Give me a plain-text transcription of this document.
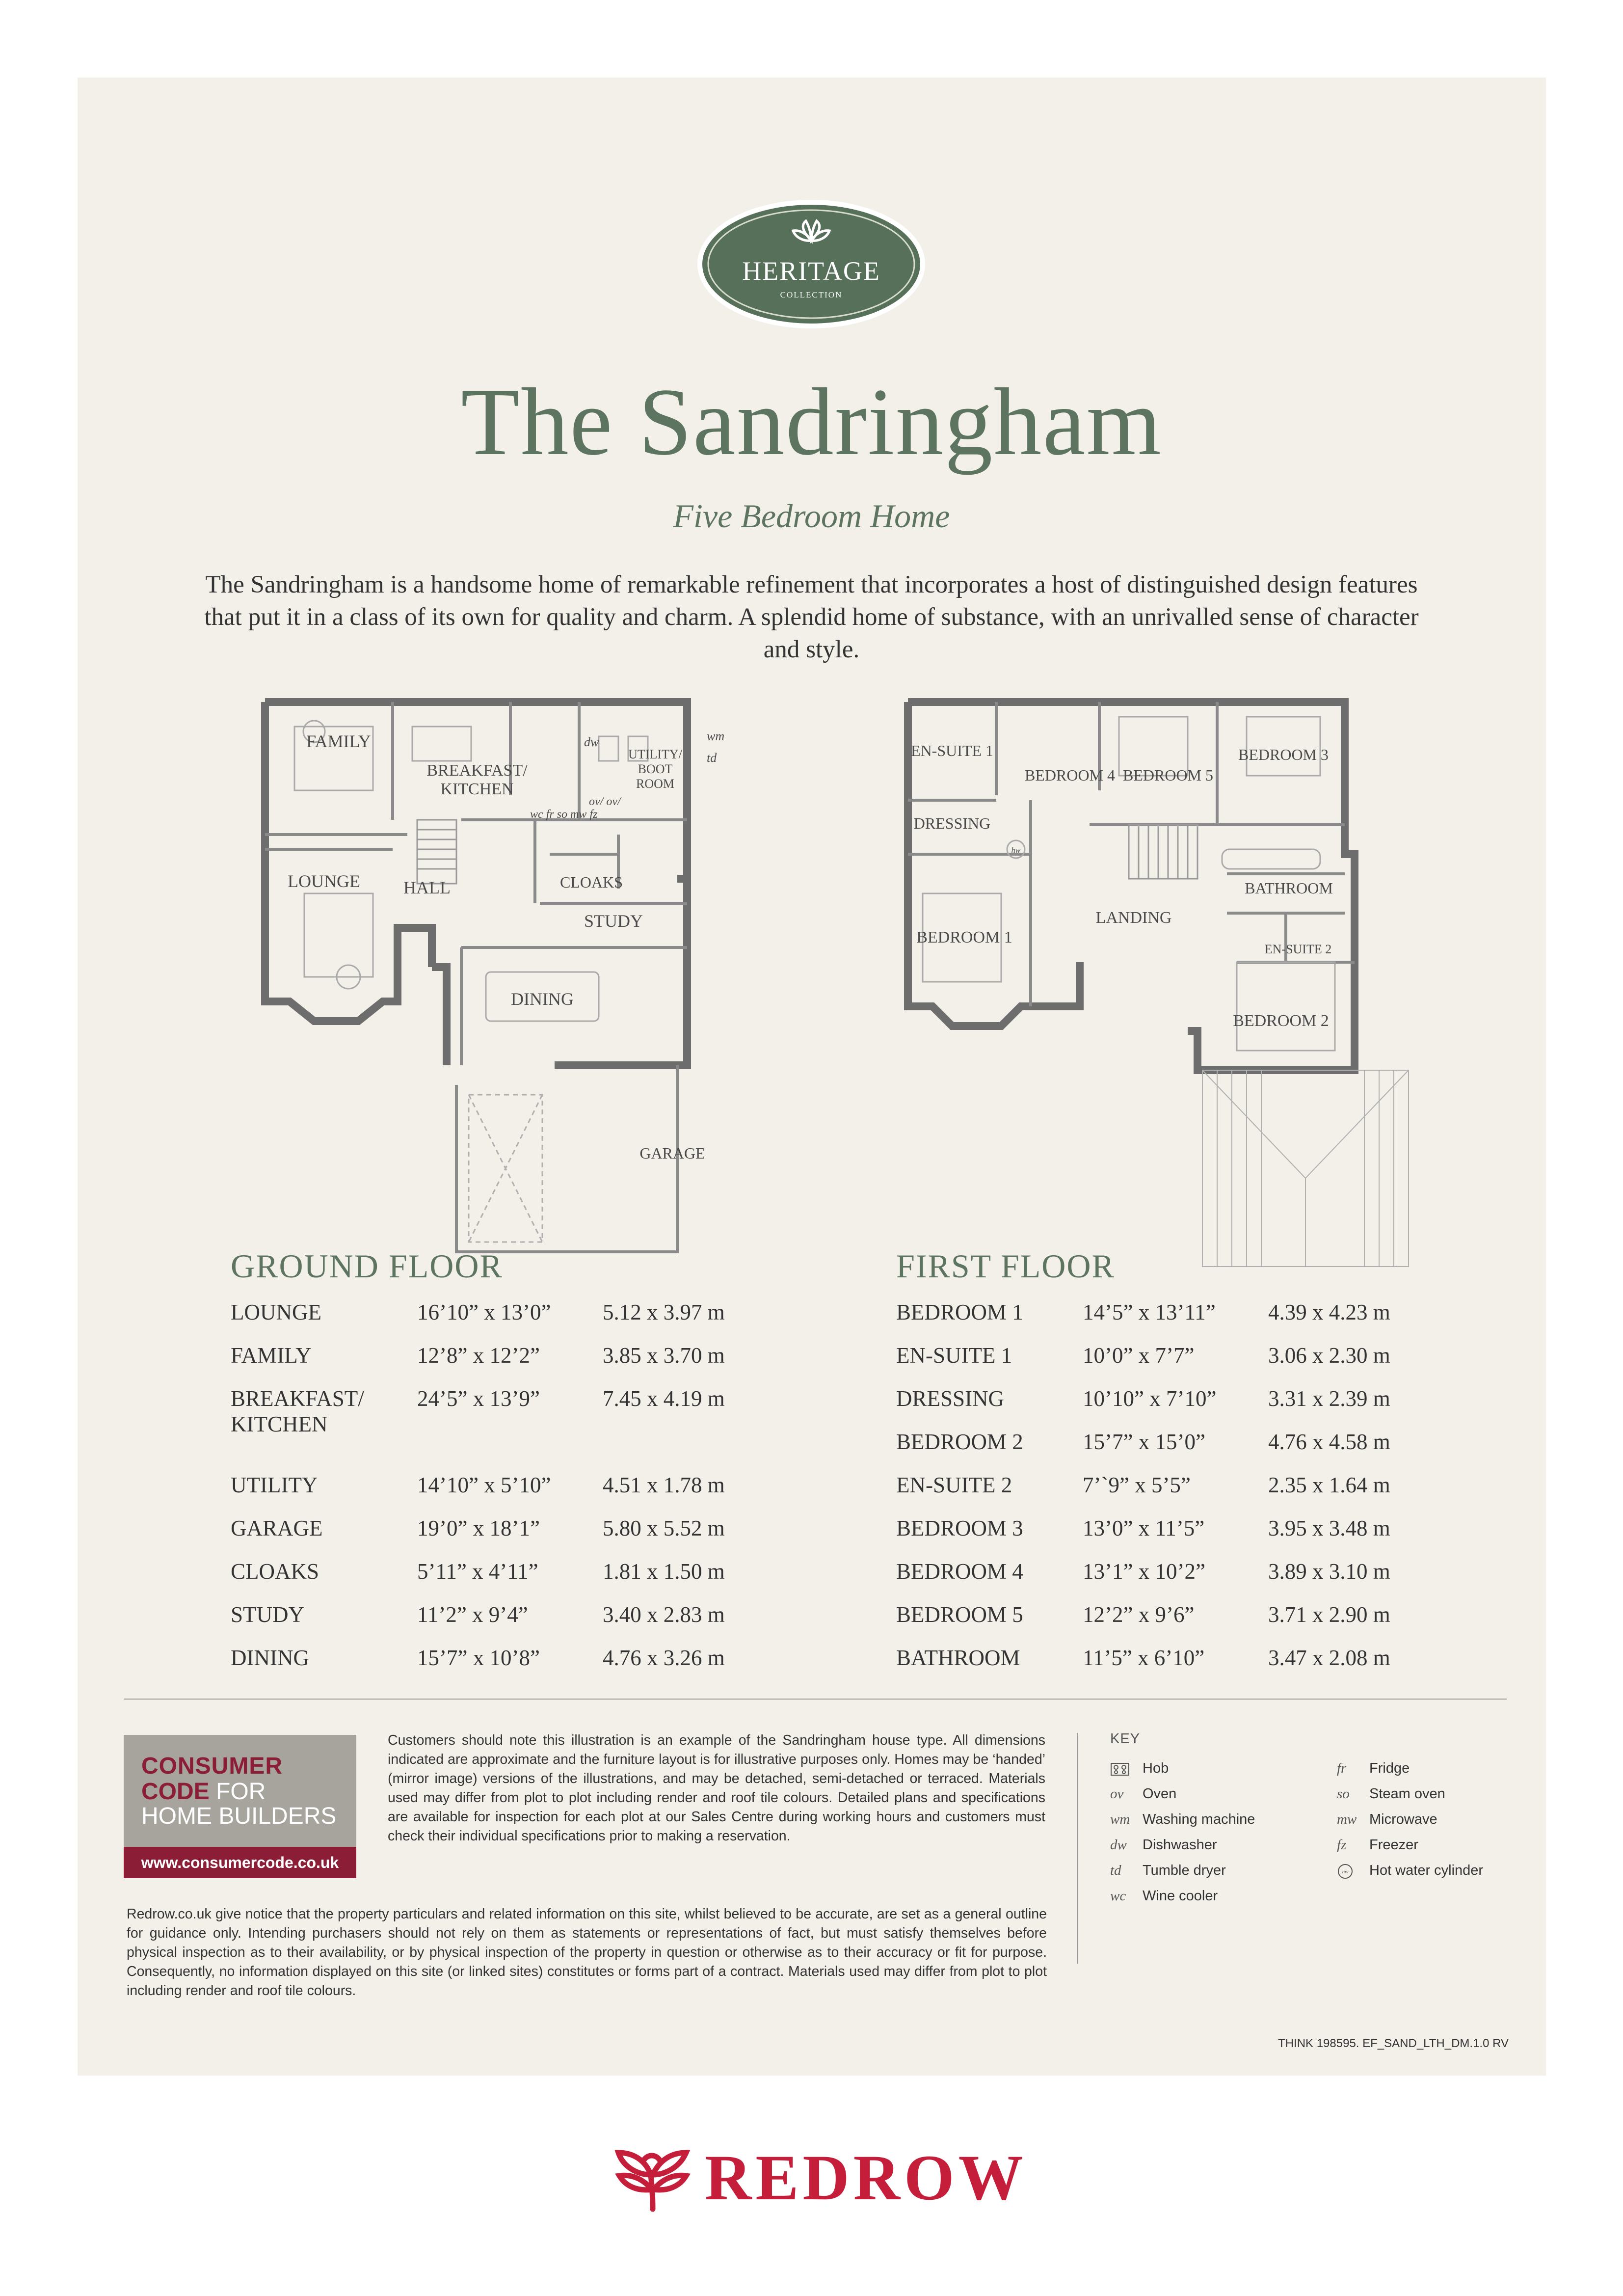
HERITAGE
COLLECTION
The Sandringham
Five Bedroom Home
The Sandringham is a handsome home of remarkable refinement that incorporates a host of distinguished design features that put it in a class of its own for quality and charm. A splendid home of substance, with an unrivalled sense of character and style.
FAMILY
BREAKFAST/
KITCHEN
UTILITY/
BOOT
ROOM
wm
td
dw
ov/ ov/
wc fr so mw fz
LOUNGE HALL	CLOAKS
STUDY
DINING
GARAGE
EN-SUITE 1
BEDROOM 4 BEDROOM 5
BEDROOM 3
DRESSING
hw
BATHROOM
BEDROOM 1
LANDING
EN-SUITE 2
BEDROOM 2
GROUND FLOOR
LOUNGE	16’10” x 13’0”	5.12 x 3.97 m
FAMILY	12’8” x 12’2”	3.85 x 3.70 m
BREAKFAST/
KITCHEN	24’5” x 13’9”	7.45 x 4.19 m
UTILITY	14’10” x 5’10”	4.51 x 1.78 m
GARAGE	19’0” x 18’1”	5.80 x 5.52 m
CLOAKS	5’11” x 4’11”	1.81 x 1.50 m
STUDY	11’2” x 9’4”	3.40 x 2.83 m
DINING	15’7” x 10’8”	4.76 x 3.26 m
FIRST FLOOR
BEDROOM 1	14’5” x 13’11”	4.39 x 4.23 m
EN-SUITE 1	10’0” x 7’7”	3.06 x 2.30 m
DRESSING	10’10” x 7’10”	3.31 x 2.39 m
BEDROOM 2	15’7” x 15’0”	4.76 x 4.58 m
EN-SUITE 2	7’`9” x 5’5”	2.35 x 1.64 m
BEDROOM 3	13’0” x 11’5”	3.95 x 3.48 m
BEDROOM 4	13’1” x 10’2”	3.89 x 3.10 m
BEDROOM 5	12’2” x 9’6”	3.71 x 2.90 m
BATHROOM	11’5” x 6’10”	3.47 x 2.08 m
CONSUMER
CODE FOR
HOME BUILDERS
www.consumercode.co.uk
Customers should note this illustration is an example of the Sandringham house type. All dimensions indicated are approximate and the furniture layout is for illustrative purposes only. Homes may be ‘handed’ (mirror image) versions of the illustrations, and may be detached, semi-detached or terraced. Materials used may differ from plot to plot including render and roof tile colours. Detailed plans and specifications are available for inspection for each plot at our Sales Centre during working hours and customers must check their individual specifications prior to making a reservation.
Redrow.co.uk give notice that the property particulars and related information on this site, whilst believed to be accurate, are set as a general outline for guidance only. Intending purchasers should not rely on them as statements or representations of fact, but must satisfy themselves before physical inspection as to their availability, or by physical inspection of the property in question or otherwise as to their accuracy or fit for purpose. Consequently, no information displayed on this site (or linked sites) constitutes or forms part of a contract. Materials used may differ from plot to plot including render and roof tile colours.
KEY
Hob
ov Oven
wm Washing machine
dw Dishwasher
td Tumble dryer
wc Wine cooler
fr Fridge
so Steam oven
mw Microwave
fz Freezer
hw Hot water cylinder
THINK 198595. EF_SAND_LTH_DM.1.0 RV
REDROW
